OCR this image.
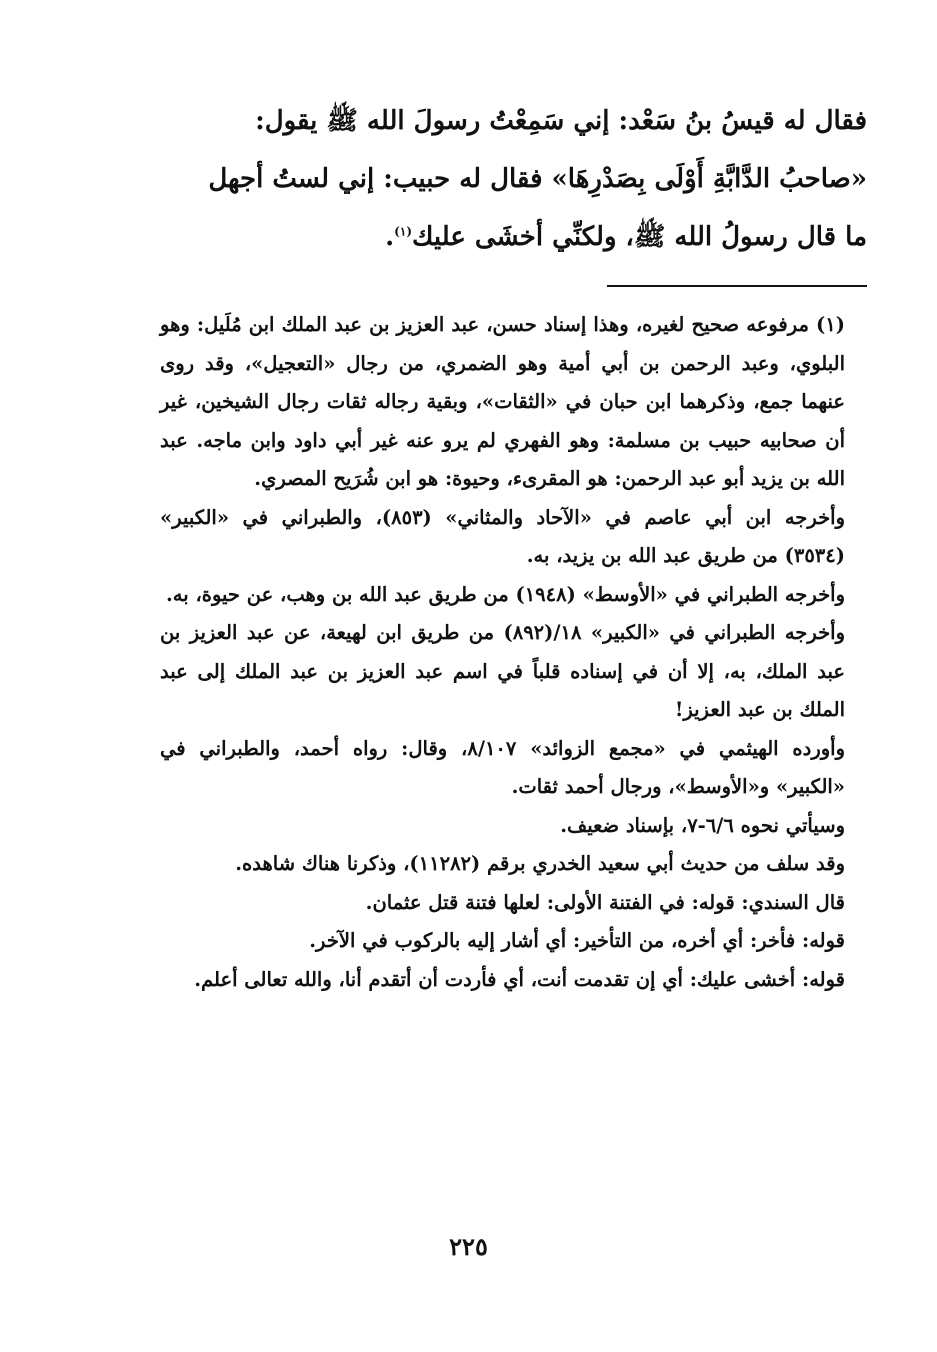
فقال له قيسُ بنُ سَعْد: إني سَمِعْتُ رسولَ الله ﷺ يقول:

«صاحبُ الدَّابَّةِ أَوْلَى بِصَدْرِهَا» فقال له حبيب: إني لستُ أجهل

ما قال رسولُ الله ﷺ، ولكنِّي أخشَى عليك$^{(١)}$.

(١) مرفوعه صحيح لغيره، وهذا إسناد حسن، عبد العزيز بن عبد الملك ابن مُلَيل: وهو البلوي، وعبد الرحمن بن أبي أمية وهو الضمري، من رجال «التعجيل»، وقد روى عنهما جمع، وذكرهما ابن حبان في «الثقات»، وبقية رجاله ثقات رجال الشيخين، غير أن صحابيه حبيب بن مسلمة: وهو الفهري لم يرو عنه غير أبي داود وابن ماجه. عبد الله بن يزيد أبو عبد الرحمن: هو المقرىء، وحيوة: هو ابن شُرَيح المصري.

وأخرجه ابن أبي عاصم في «الآحاد والمثاني» (٨٥٣)، والطبراني في «الكبير» (٣٥٣٤) من طريق عبد الله بن يزيد، به.

وأخرجه الطبراني في «الأوسط» (١٩٤٨) من طريق عبد الله بن وهب، عن حيوة، به.

وأخرجه الطبراني في «الكبير» ١٨/(٨٩٢) من طريق ابن لهيعة، عن عبد العزيز بن عبد الملك، به، إلا أن في إسناده قلباً في اسم عبد العزيز بن عبد الملك إلى عبد الملك بن عبد العزيز!

وأورده الهيثمي في «مجمع الزوائد» ٨/١٠٧، وقال: رواه أحمد، والطبراني في «الكبير» و«الأوسط»، ورجال أحمد ثقات.

وسيأتي نحوه ٦/٦-٧، بإسناد ضعيف.

وقد سلف من حديث أبي سعيد الخدري برقم (١١٢٨٢)، وذكرنا هناك شاهده.

قال السندي: قوله: في الفتنة الأولى: لعلها فتنة قتل عثمان.

قوله: فأخر: أي أخره، من التأخير: أي أشار إليه بالركوب في الآخر.

قوله: أخشى عليك: أي إن تقدمت أنت، أي فأردت أن أتقدم أنا، والله تعالى أعلم.

٢٢٥
